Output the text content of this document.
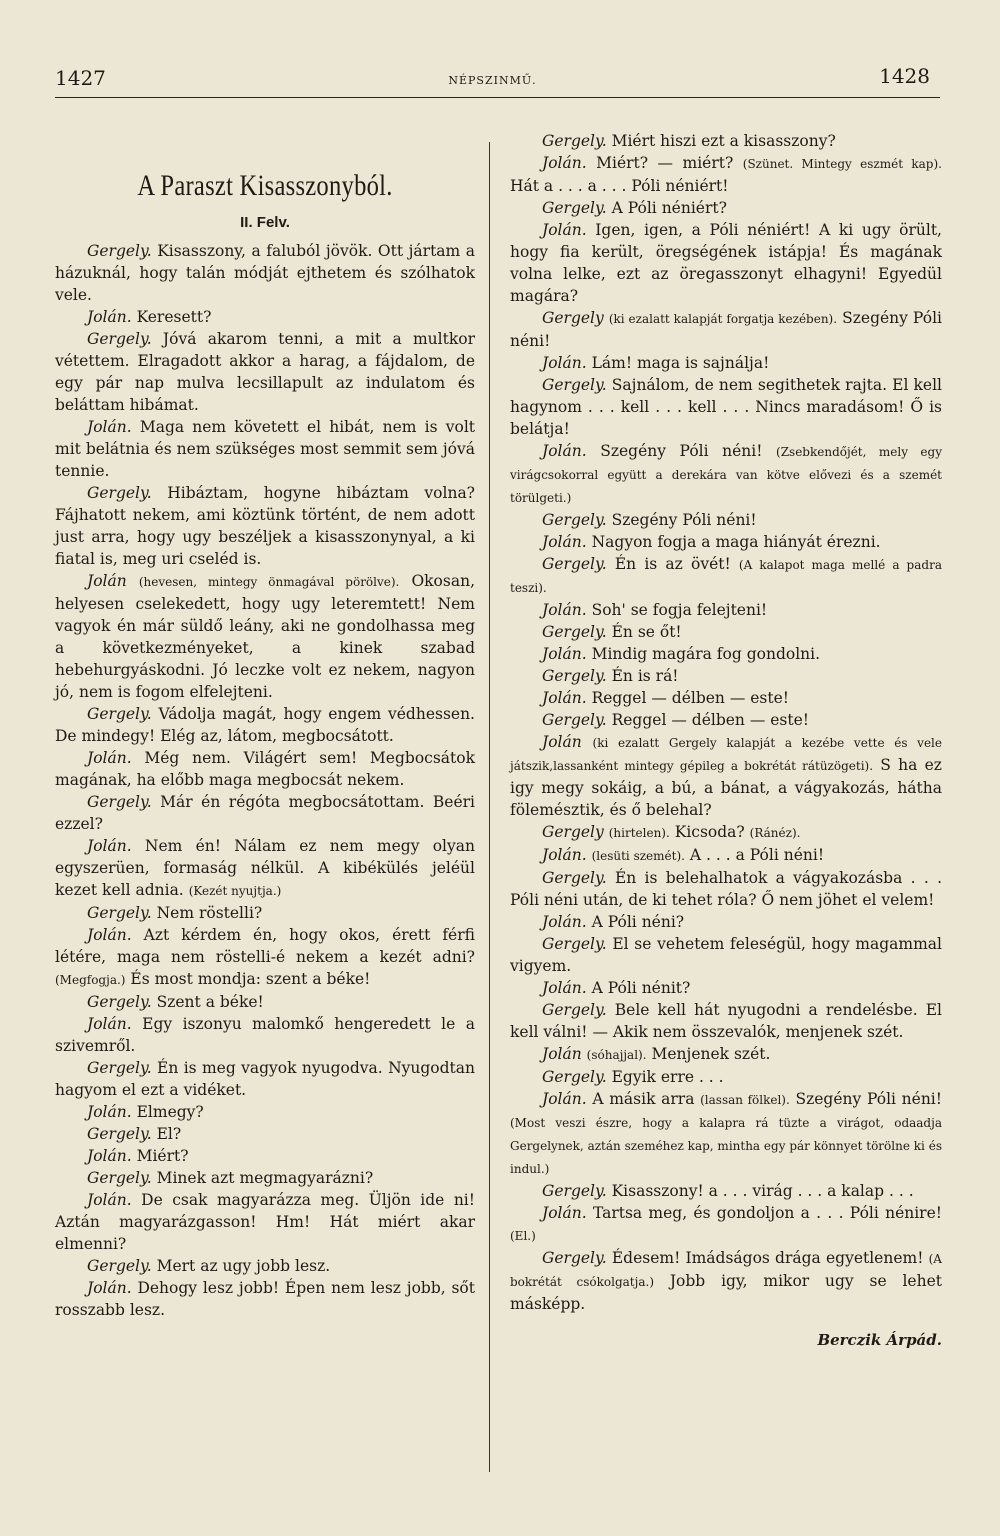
1427	NÉPSZINMŰ.	1428
A Paraszt Kisasszonyból.
II. Felv.

Gergely. Kisasszony, a faluból jövök. Ott jártam a házuknál, hogy talán módját ejthetem és szólhatok vele.

Jolán. Keresett?

Gergely. Jóvá akarom tenni, a mit a multkor vétettem. Elragadott akkor a harag, a fájdalom, de egy pár nap mulva lecsillapult az indulatom és beláttam hibámat.

Jolán. Maga nem követett el hibát, nem is volt mit belátnia és nem szükséges most semmit sem jóvá tennie.

Gergely. Hibáztam, hogyne hibáztam volna? Fájhatott nekem, ami köztünk történt, de nem adott just arra, hogy ugy beszéljek a kisasszonynyal, a ki fiatal is, meg uri cseléd is.

Jolán (hevesen, mintegy önmagával pörölve). Okosan, helyesen cselekedett, hogy ugy leteremtett! Nem vagyok én már süldő leány, aki ne gondolhassa meg a következményeket, a kinek szabad hebehurgyáskodni. Jó leczke volt ez nekem, nagyon jó, nem is fogom elfelejteni.

Gergely. Vádolja magát, hogy engem védhessen. De mindegy! Elég az, látom, megbocsátott.

Jolán. Még nem. Világért sem! Megbocsátok magának, ha előbb maga megbocsát nekem.

Gergely. Már én régóta megbocsátottam. Beéri ezzel?

Jolán. Nem én! Nálam ez nem megy olyan egyszerüen, formaság nélkül. A kibékülés jeléül kezet kell adnia. (Kezét nyujtja.)

Gergely. Nem röstelli?

Jolán. Azt kérdem én, hogy okos, érett férfi létére, maga nem röstelli-é nekem a kezét adni? (Megfogja.) És most mondja: szent a béke!

Gergely. Szent a béke!

Jolán. Egy iszonyu malomkő hengeredett le a szivemről.

Gergely. Én is meg vagyok nyugodva. Nyugodtan hagyom el ezt a vidéket.

Jolán. Elmegy?

Gergely. El?

Jolán. Miért?

Gergely. Minek azt megmagyarázni?

Jolán. De csak magyarázza meg. Üljön ide ni! Aztán magyarázgasson! Hm! Hát miért akar elmenni?

Gergely. Mert az ugy jobb lesz.

Jolán. Dehogy lesz jobb! Épen nem lesz jobb, sőt rosszabb lesz.

Gergely. Miért hiszi ezt a kisasszony?

Jolán. Miért? — miért? (Szünet. Mintegy eszmét kap). Hát a . . . a . . . Póli néniért!

Gergely. A Póli néniért?

Jolán. Igen, igen, a Póli néniért! A ki ugy örült, hogy fia került, öregségének istápja! És magának volna lelke, ezt az öregasszonyt elhagyni! Egyedül magára?

Gergely (ki ezalatt kalapját forgatja kezében). Szegény Póli néni!

Jolán. Lám! maga is sajnálja!

Gergely. Sajnálom, de nem segithetek rajta. El kell hagynom . . . kell . . . kell . . . Nincs maradásom! Ő is belátja!

Jolán. Szegény Póli néni! (Zsebkendőjét, mely egy virágcsokorral együtt a derekára van kötve elővezi és a szemét törülgeti.)

Gergely. Szegény Póli néni!

Jolán. Nagyon fogja a maga hiányát érezni.

Gergely. Én is az övét! (A kalapot maga mellé a padra teszi).

Jolán. Soh' se fogja felejteni!

Gergely. Én se őt!

Jolán. Mindig magára fog gondolni.

Gergely. Én is rá!

Jolán. Reggel — délben — este!

Gergely. Reggel — délben — este!

Jolán (ki ezalatt Gergely kalapját a kezébe vette és vele játszik,lassanként mintegy gépileg a bokrétát rátüzögeti). S ha ez igy megy sokáig, a bú, a bánat, a vágyakozás, hátha fölemésztik, és ő belehal?

Gergely (hirtelen). Kicsoda? (Ránéz).

Jolán. (lesüti szemét). A . . . a Póli néni!

Gergely. Én is belehalhatok a vágyakozásba . . . Póli néni után, de ki tehet róla? Ő nem jöhet el velem!

Jolán. A Póli néni?

Gergely. El se vehetem feleségül, hogy magammal vigyem.

Jolán. A Póli nénit?

Gergely. Bele kell hát nyugodni a rendelésbe. El kell válni! — Akik nem összevalók, menjenek szét.

Jolán (sóhajjal). Menjenek szét.

Gergely. Egyik erre . . .

Jolán. A másik arra (lassan fölkel). Szegény Póli néni! (Most veszi észre, hogy a kalapra rá tüzte a virágot, odaadja Gergelynek, aztán szeméhez kap, mintha egy pár könnyet törölne ki és indul.)

Gergely. Kisasszony! a . . . virág . . . a kalap . . .

Jolán. Tartsa meg, és gondoljon a . . . Póli nénire! (El.)

Gergely. Édesem! Imádságos drága egyetlenem! (A bokrétát csókolgatja.) Jobb igy, mikor ugy se lehet másképp.

Berczik Árpád.
